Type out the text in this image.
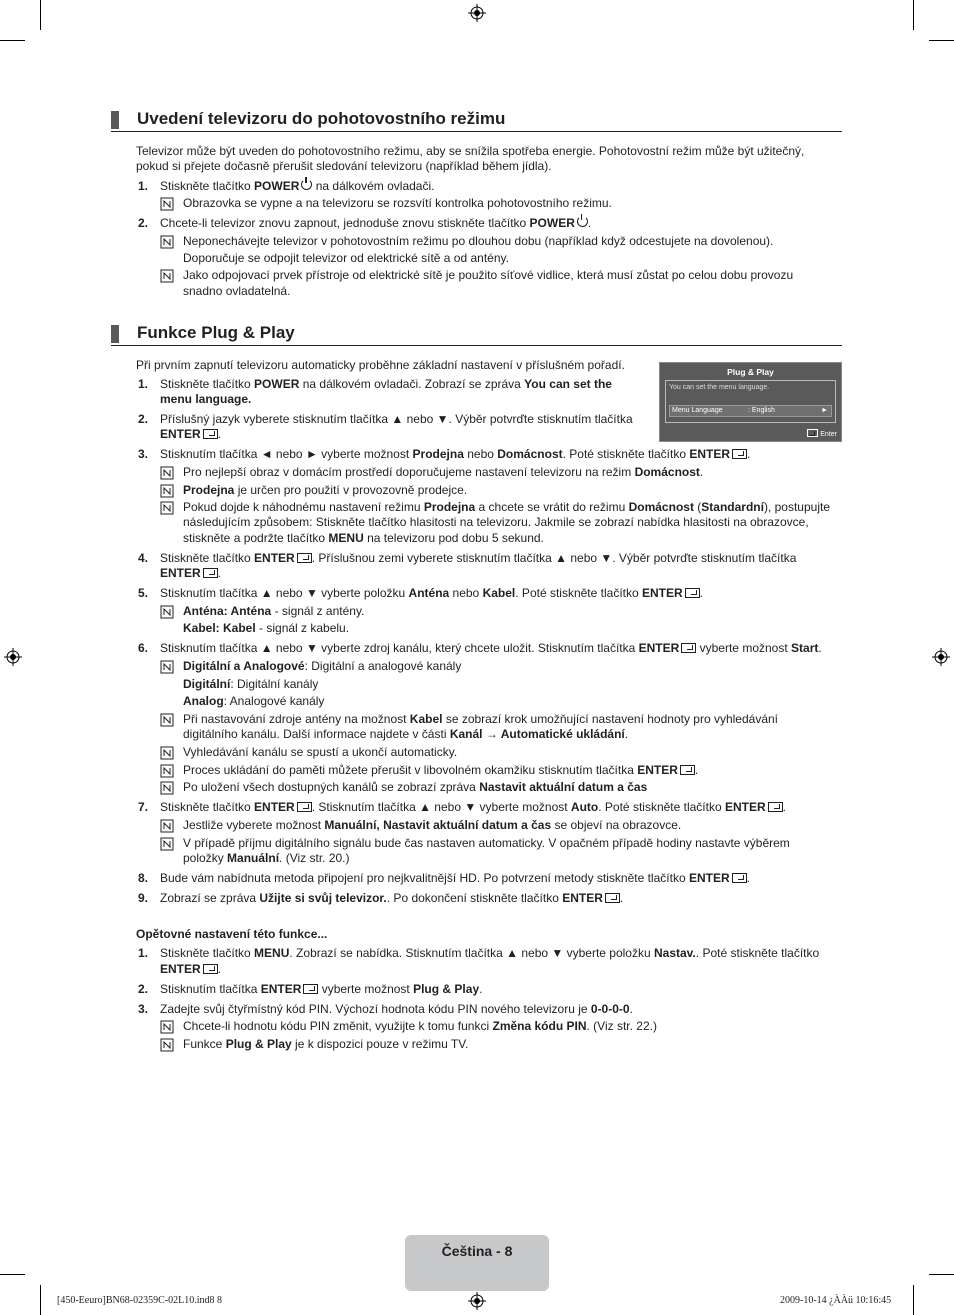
Uvedení televizoru do pohotovostního režimu
Televizor může být uveden do pohotovostního režimu, aby se snížila spotřeba energie. Pohotovostní režim může být užitečný,
pokud si přejete dočasně přerušit sledování televizoru (například během jídla).
1. Stiskněte tlačítko POWER na dálkovém ovladači.
Obrazovka se vypne a na televizoru se rozsvítí kontrolka pohotovostního režimu.
2. Chcete-li televizor znovu zapnout, jednoduše znovu stiskněte tlačítko POWER .
Neponechávejte televizor v pohotovostním režimu po dlouhou dobu (například když odcestujete na dovolenou).
Doporučuje se odpojit televizor od elektrické sítě a od antény.
Jako odpojovací prvek přístroje od elektrické sítě je použito síťové vidlice, která musí zůstat po celou dobu provozu
snadno ovladatelná.
Funkce Plug & Play
Při prvním zapnutí televizoru automaticky proběhne základní nastavení v příslušném pořadí.	Plug & Play
You can set the menu language.
Menu Language	: English	►
Enter
1. Stiskněte tlačítko POWER na dálkovém ovladači. Zobrazí se zpráva You can set the
menu language.
2. Příslušný jazyk vyberete stisknutím tlačítka ▲ nebo ▼. Výběr potvrďte stisknutím tlačítka
ENTER .
3. Stisknutím tlačítka ◄ nebo ► vyberte možnost Prodejna nebo Domácnost. Poté stiskněte tlačítko ENTER .
Pro nejlepší obraz v domácím prostředí doporučujeme nastavení televizoru na režim Domácnost.
Prodejna je určen pro použití v provozovně prodejce.
Pokud dojde k náhodnému nastavení režimu Prodejna a chcete se vrátit do režimu Domácnost (Standardní), postupujte
následujícím způsobem: Stiskněte tlačítko hlasitosti na televizoru. Jakmile se zobrazí nabídka hlasitosti na obrazovce,
stiskněte a podržte tlačítko MENU na televizoru pod dobu 5 sekund.
4. Stiskněte tlačítko ENTER . Příslušnou zemi vyberete stisknutím tlačítka ▲ nebo ▼. Výběr potvrďte stisknutím tlačítka
ENTER .
5. Stisknutím tlačítka ▲ nebo ▼ vyberte položku Anténa nebo Kabel. Poté stiskněte tlačítko ENTER .
Anténa: Anténa - signál z antény.
Kabel: Kabel - signál z kabelu.
6. Stisknutím tlačítka ▲ nebo ▼ vyberte zdroj kanálu, který chcete uložit. Stisknutím tlačítka ENTER vyberte možnost Start.
Digitální a Analogové: Digitální a analogové kanály
Digitální: Digitální kanály
Analog: Analogové kanály
Při nastavování zdroje antény na možnost Kabel se zobrazí krok umožňující nastavení hodnoty pro vyhledávání
digitálního kanálu. Další informace najdete v části Kanál → Automatické ukládání.
Vyhledávání kanálu se spustí a ukončí automaticky.
Proces ukládání do paměti můžete přerušit v libovolném okamžiku stisknutím tlačítka ENTER .
Po uložení všech dostupných kanálů se zobrazí zpráva Nastavit aktuální datum a čas
7. Stiskněte tlačítko ENTER . Stisknutím tlačítka ▲ nebo ▼ vyberte možnost Auto. Poté stiskněte tlačítko ENTER .
Jestliže vyberete možnost Manuální, Nastavit aktuální datum a čas se objeví na obrazovce.
V případě příjmu digitálního signálu bude čas nastaven automaticky. V opačném případě hodiny nastavte výběrem
položky Manuální. (Viz str. 20.)
8. Bude vám nabídnuta metoda připojení pro nejkvalitnější HD. Po potvrzení metody stiskněte tlačítko ENTER .
9. Zobrazí se zpráva Užijte si svůj televizor.. Po dokončení stiskněte tlačítko ENTER .
Opětovné nastavení této funkce...
1. Stiskněte tlačítko MENU. Zobrazí se nabídka. Stisknutím tlačítka ▲ nebo ▼ vyberte položku Nastav.. Poté stiskněte tlačítko
ENTER .
2. Stisknutím tlačítka ENTER vyberte možnost Plug & Play.
3. Zadejte svůj čtyřmístný kód PIN. Výchozí hodnota kódu PIN nového televizoru je 0-0-0-0.
Chcete-li hodnotu kódu PIN změnit, využijte k tomu funkci Změna kódu PIN. (Viz str. 22.)
Funkce Plug & Play je k dispozici pouze v režimu TV.
Čeština - 8
[450-Eeuro]BN68-02359C-02L10.ind8 8	2009-10-14 ¿ÀÀü 10:16:45
